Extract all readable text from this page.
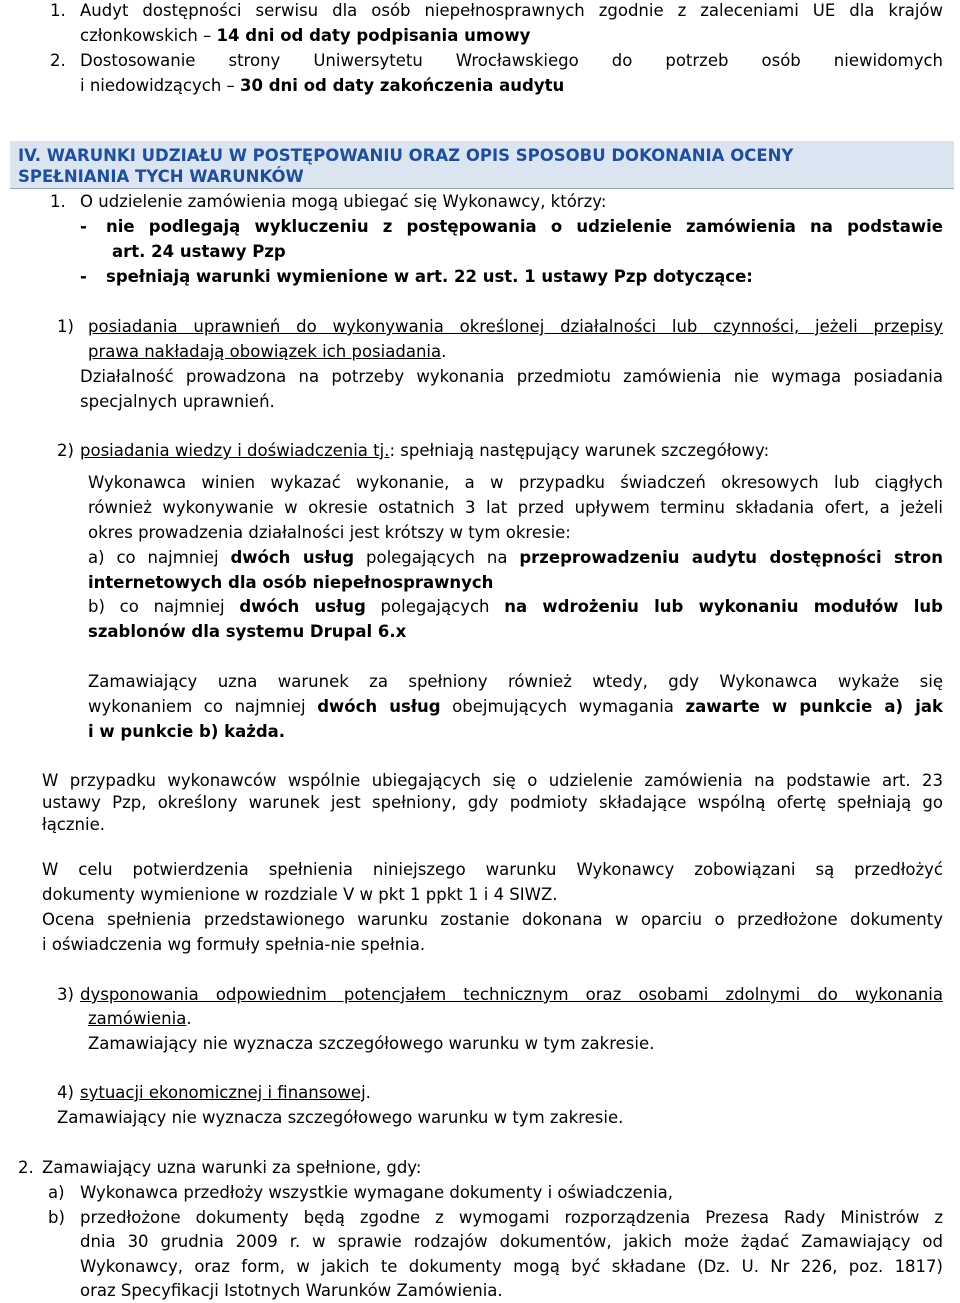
1. Audyt dostępności serwisu dla osób niepełnosprawnych zgodnie z zaleceniami UE dla krajów
członkowskich – 14 dni od daty podpisania umowy
2. Dostosowanie strony Uniwersytetu Wrocławskiego do potrzeb osób niewidomych
i niedowidzących – 30 dni od daty zakończenia audytu
IV. WARUNKI UDZIAŁU W POSTĘPOWANIU ORAZ OPIS SPOSOBU DOKONANIA OCENY
SPEŁNIANIA TYCH WARUNKÓW
1. O udzielenie zamówienia mogą ubiegać się Wykonawcy, którzy:
- nie podlegają wykluczeniu z postępowania o udzielenie zamówienia na podstawie
art. 24 ustawy Pzp
- spełniają warunki wymienione w art. 22 ust. 1 ustawy Pzp dotyczące:
1) posiadania uprawnień do wykonywania określonej działalności lub czynności, jeżeli przepisy
prawa nakładają obowiązek ich posiadania.
Działalność prowadzona na potrzeby wykonania przedmiotu zamówienia nie wymaga posiadania
specjalnych uprawnień.
2) posiadania wiedzy i doświadczenia tj.: spełniają następujący warunek szczegółowy:
Wykonawca winien wykazać wykonanie, a w przypadku świadczeń okresowych lub ciągłych
również wykonywanie w okresie ostatnich 3 lat przed upływem terminu składania ofert, a jeżeli
okres prowadzenia działalności jest krótszy w tym okresie:
a) co najmniej dwóch usług polegających na przeprowadzeniu audytu dostępności stron
internetowych dla osób niepełnosprawnych
b) co najmniej dwóch usług polegających na wdrożeniu lub wykonaniu modułów lub
szablonów dla systemu Drupal 6.x
Zamawiający uzna warunek za spełniony również wtedy, gdy Wykonawca wykaże się
wykonaniem co najmniej dwóch usług obejmujących wymagania zawarte w punkcie a) jak
i w punkcie b) każda.
W przypadku wykonawców wspólnie ubiegających się o udzielenie zamówienia na podstawie art. 23
ustawy Pzp, określony warunek jest spełniony, gdy podmioty składające wspólną ofertę spełniają go
łącznie.
W celu potwierdzenia spełnienia niniejszego warunku Wykonawcy zobowiązani są przedłożyć
dokumenty wymienione w rozdziale V w pkt 1 ppkt 1 i 4 SIWZ.
Ocena spełnienia przedstawionego warunku zostanie dokonana w oparciu o przedłożone dokumenty
i oświadczenia wg formuły spełnia-nie spełnia.
3) dysponowania odpowiednim potencjałem technicznym oraz osobami zdolnymi do wykonania
zamówienia.
Zamawiający nie wyznacza szczegółowego warunku w tym zakresie.
4) sytuacji ekonomicznej i finansowej.
Zamawiający nie wyznacza szczegółowego warunku w tym zakresie.
2. Zamawiający uzna warunki za spełnione, gdy:
a) Wykonawca przedłoży wszystkie wymagane dokumenty i oświadczenia,
b) przedłożone dokumenty będą zgodne z wymogami rozporządzenia Prezesa Rady Ministrów z
dnia 30 grudnia 2009 r. w sprawie rodzajów dokumentów, jakich może żądać Zamawiający od
Wykonawcy, oraz form, w jakich te dokumenty mogą być składane (Dz. U. Nr 226, poz. 1817)
oraz Specyfikacji Istotnych Warunków Zamówienia.
